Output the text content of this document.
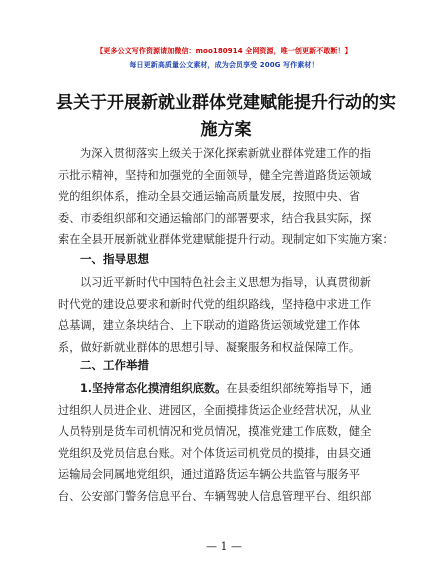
【更多公文写作资源请加微信：moo180914 全网资源，唯一创更新不敢断！】
每日更新高质量公文素材，成为会员享受 200G 写作素材！
县关于开展新就业群体党建赋能提升行动的实
施方案
为深入贯彻落实上级关于深化探索新就业群体党建工作的指
示批示精神，坚持和加强党的全面领导，健全完善道路货运领域
党的组织体系，推动全县交通运输高质量发展，按照中央、省
委、市委组织部和交通运输部门的部署要求，结合我县实际，探
索在全县开展新就业群体党建赋能提升行动。现制定如下实施方案：
一、指导思想
以习近平新时代中国特色社会主义思想为指导，认真贯彻新
时代党的建设总要求和新时代党的组织路线，坚持稳中求进工作
总基调，建立条块结合、上下联动的道路货运领域党建工作体
系，做好新就业群体的思想引导、凝聚服务和权益保障工作。
二、工作举措
1.坚持常态化摸清组织底数。在县委组织部统筹指导下，通
过组织人员进企业、进园区，全面摸排货运企业经营状况，从业
人员特别是货车司机情况和党员情况，摸准党建工作底数，健全
党组织及党员信息台账。对个体货运司机党员的摸排，由县交通
运输局会同属地党组织，通过道路货运车辆公共监管与服务平
台、公安部门警务信息平台、车辆驾驶人信息管理平台、组织部
— 1 —
